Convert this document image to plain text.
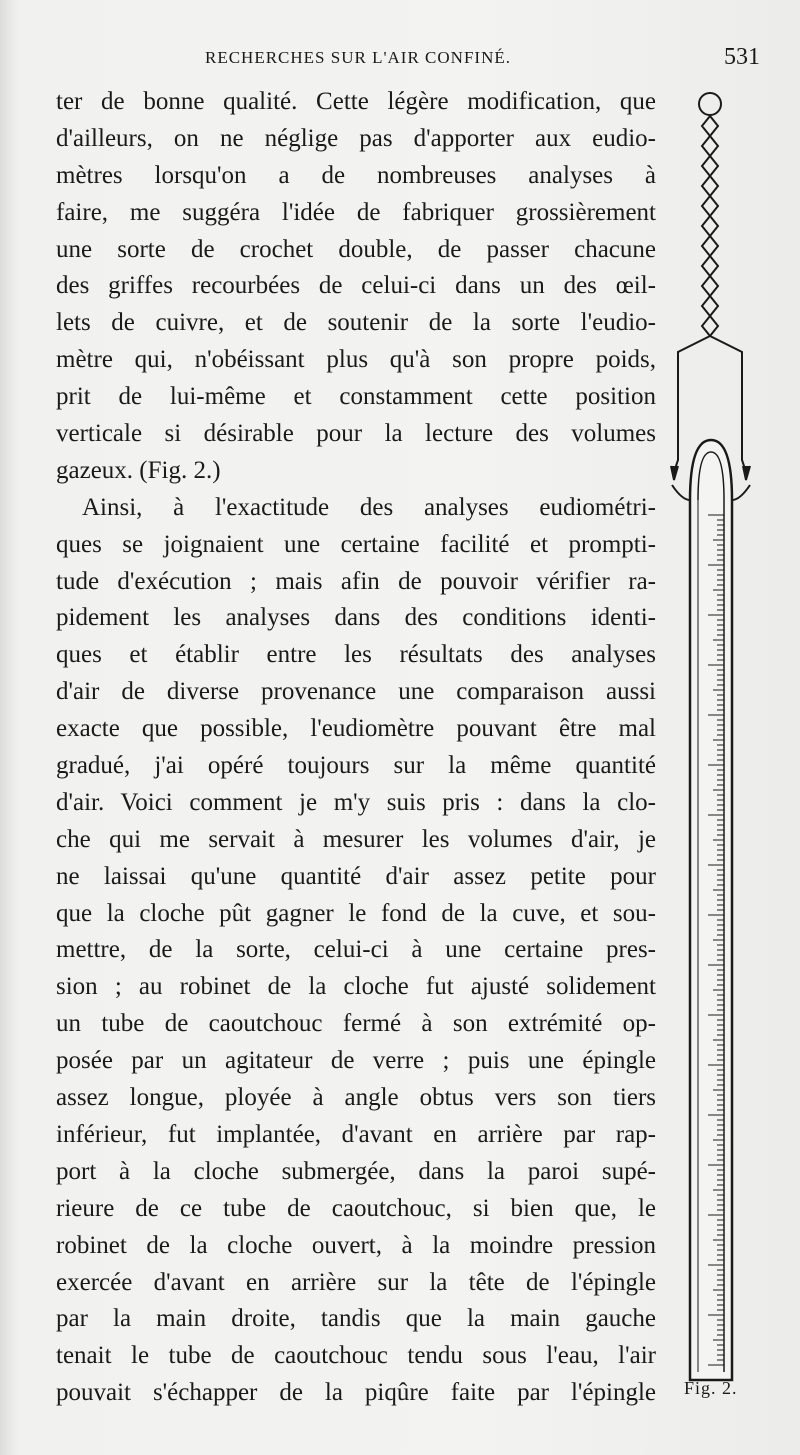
RECHERCHES SUR L'AIR CONFINÉ.	531
ter de bonne qualité. Cette légère modification, que
d'ailleurs, on ne néglige pas d'apporter aux eudio-
mètres lorsqu'on a de nombreuses analyses à
faire, me suggéra l'idée de fabriquer grossièrement
une sorte de crochet double, de passer chacune
des griffes recourbées de celui-ci dans un des œil-
lets de cuivre, et de soutenir de la sorte l'eudio-
mètre qui, n'obéissant plus qu'à son propre poids,
prit de lui-même et constamment cette position
verticale si désirable pour la lecture des volumes
gazeux. (Fig. 2.)
Ainsi, à l'exactitude des analyses eudiométri-
ques se joignaient une certaine facilité et prompti-
tude d'exécution ; mais afin de pouvoir vérifier ra-
pidement les analyses dans des conditions identi-
ques et établir entre les résultats des analyses
d'air de diverse provenance une comparaison aussi
exacte que possible, l'eudiomètre pouvant être mal
gradué, j'ai opéré toujours sur la même quantité
d'air. Voici comment je m'y suis pris : dans la clo-
che qui me servait à mesurer les volumes d'air, je
ne laissai qu'une quantité d'air assez petite pour
que la cloche pût gagner le fond de la cuve, et sou-
mettre, de la sorte, celui-ci à une certaine pres-
sion ; au robinet de la cloche fut ajusté solidement
un tube de caoutchouc fermé à son extrémité op-
posée par un agitateur de verre ; puis une épingle
assez longue, ployée à angle obtus vers son tiers
inférieur, fut implantée, d'avant en arrière par rap-
port à la cloche submergée, dans la paroi supé-
rieure de ce tube de caoutchouc, si bien que, le
robinet de la cloche ouvert, à la moindre pression
exercée d'avant en arrière sur la tête de l'épingle
par la main droite, tandis que la main gauche
tenait le tube de caoutchouc tendu sous l'eau, l'air
pouvait s'échapper de la piqûre faite par l'épingle Fig. 2.
